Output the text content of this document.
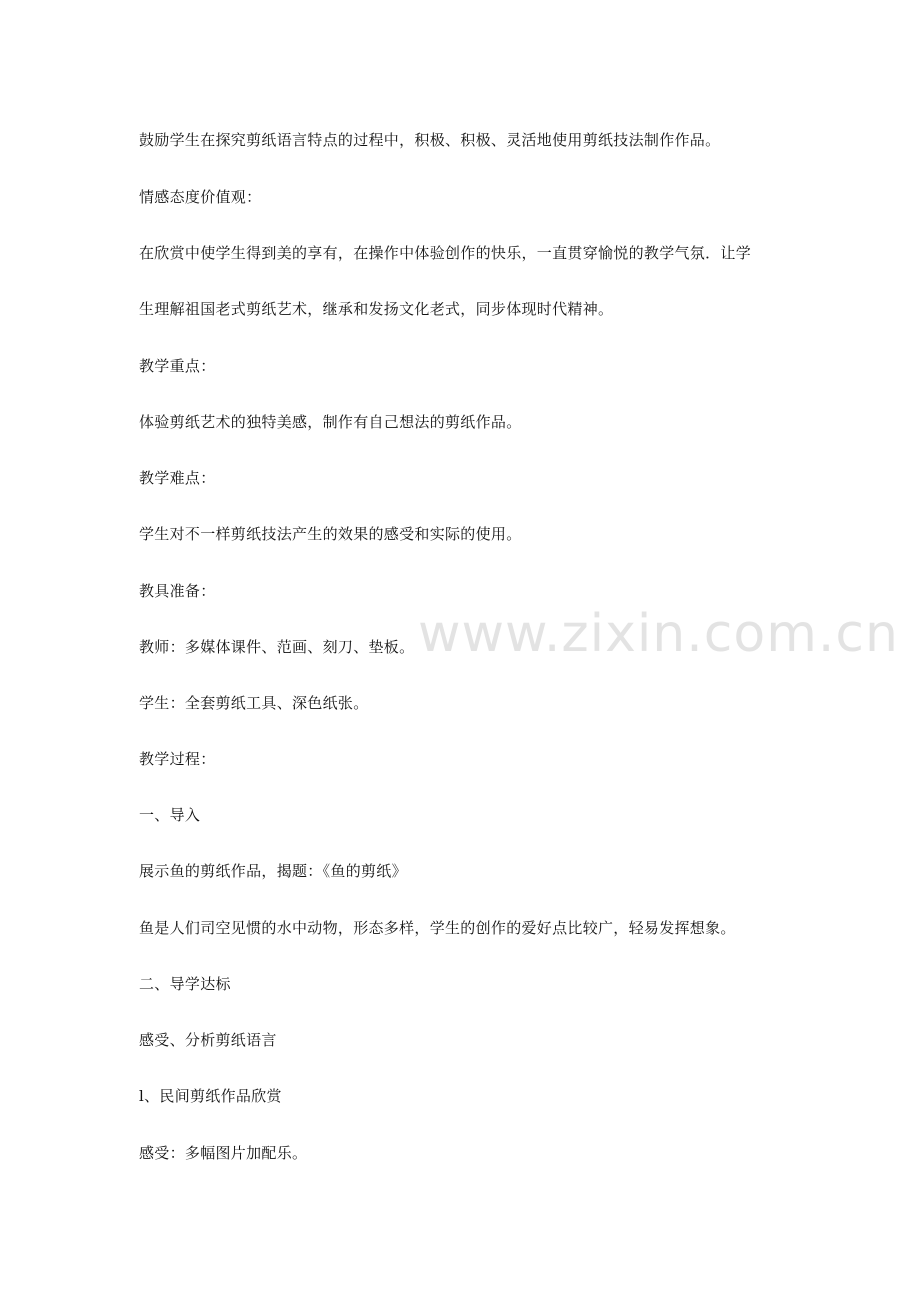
www.zixin.com.cn
鼓励学生在探究剪纸语言特点的过程中，积极、积极、灵活地使用剪纸技法制作作品。
情感态度价值观：
在欣赏中使学生得到美的享有，在操作中体验创作的快乐，一直贯穿愉悦的教学气氛．让学
生理解祖国老式剪纸艺术，继承和发扬文化老式，同步体现时代精神。
教学重点：
体验剪纸艺术的独特美感，制作有自己想法的剪纸作品。
教学难点：
学生对不一样剪纸技法产生的效果的感受和实际的使用。
教具准备：
教师：多媒体课件、范画、刻刀、垫板。
学生：全套剪纸工具、深色纸张。
教学过程：
一、导入
展示鱼的剪纸作品，揭题：《鱼的剪纸》
鱼是人们司空见惯的水中动物，形态多样，学生的创作的爱好点比较广，轻易发挥想象。
二、导学达标
感受、分析剪纸语言
l、民间剪纸作品欣赏
感受：多幅图片加配乐。
